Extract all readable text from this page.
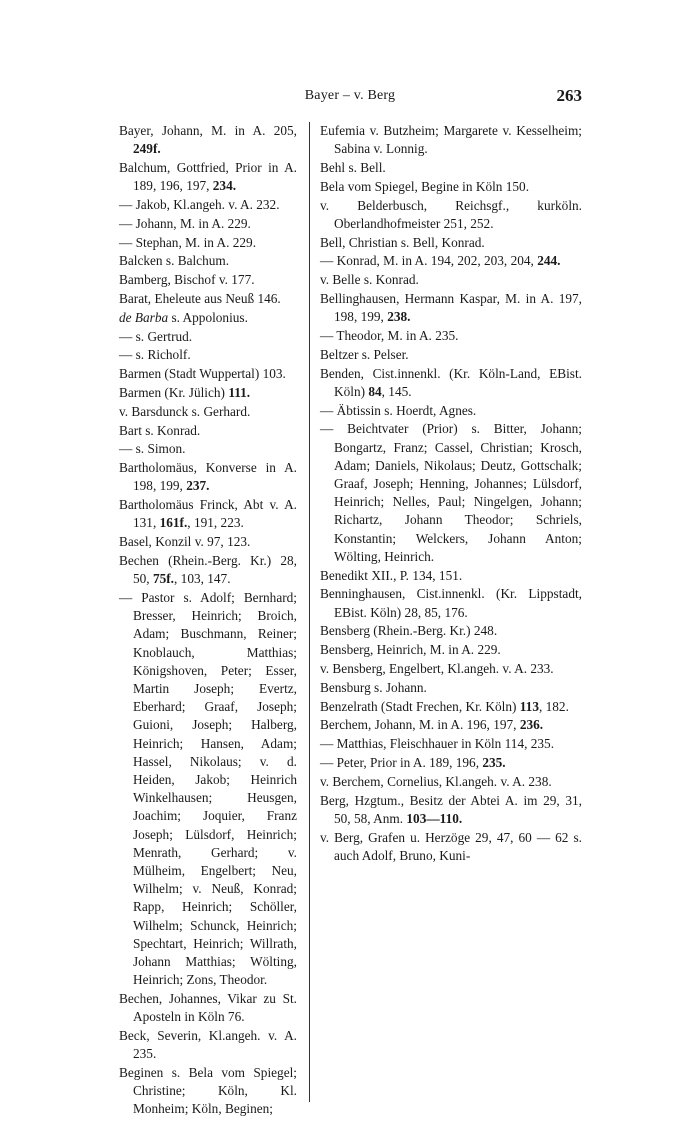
Bayer – v. Berg	263
Bayer, Johann, M. in A. 205, 249f.
Balchum, Gottfried, Prior in A. 189, 196, 197, 234.
— Jakob, Kl.angeh. v. A. 232.
— Johann, M. in A. 229.
— Stephan, M. in A. 229.
Balcken s. Balchum.
Bamberg, Bischof v. 177.
Barat, Eheleute aus Neuß 146.
de Barba s. Appolonius.
— s. Gertrud.
— s. Richolf.
Barmen (Stadt Wuppertal) 103.
Barmen (Kr. Jülich) 111.
v. Barsdunck s. Gerhard.
Bart s. Konrad.
— s. Simon.
Bartholomäus, Konverse in A. 198, 199, 237.
Bartholomäus Frinck, Abt v. A. 131, 161f., 191, 223.
Basel, Konzil v. 97, 123.
Bechen (Rhein.-Berg. Kr.) 28, 50, 75f., 103, 147.
— Pastor s. Adolf; Bernhard; Bresser, Heinrich; Broich, Adam; Buschmann, Reiner; Knoblauch, Matthias; Königshoven, Peter; Esser, Martin Joseph; Evertz, Eberhard; Graaf, Joseph; Guioni, Joseph; Halberg, Heinrich; Hansen, Adam; Hassel, Nikolaus; v. d. Heiden, Jakob; Heinrich Winkelhausen; Heusgen, Joachim; Joquier, Franz Joseph; Lülsdorf, Heinrich; Menrath, Gerhard; v. Mülheim, Engelbert; Neu, Wilhelm; v. Neuß, Konrad; Rapp, Heinrich; Schöller, Wilhelm; Schunck, Heinrich; Spechtart, Heinrich; Willrath, Johann Matthias; Wölting, Heinrich; Zons, Theodor.
Bechen, Johannes, Vikar zu St. Aposteln in Köln 76.
Beck, Severin, Kl.angeh. v. A. 235.
Beginen s. Bela vom Spiegel; Christine; Köln, Kl. Monheim; Köln, Beginen;
Eufemia v. Butzheim; Margarete v. Kesselheim; Sabina v. Lonnig.
Behl s. Bell.
Bela vom Spiegel, Begine in Köln 150.
v. Belderbusch, Reichsgf., kurköln. Oberlandhofmeister 251, 252.
Bell, Christian s. Bell, Konrad.
— Konrad, M. in A. 194, 202, 203, 204, 244.
v. Belle s. Konrad.
Bellinghausen, Hermann Kaspar, M. in A. 197, 198, 199, 238.
— Theodor, M. in A. 235.
Beltzer s. Pelser.
Benden, Cist.innenkl. (Kr. Köln-Land, EBist. Köln) 84, 145.
— Äbtissin s. Hoerdt, Agnes.
— Beichtvater (Prior) s. Bitter, Johann; Bongartz, Franz; Cassel, Christian; Krosch, Adam; Daniels, Nikolaus; Deutz, Gottschalk; Graaf, Joseph; Henning, Johannes; Lülsdorf, Heinrich; Nelles, Paul; Ningelgen, Johann; Richartz, Johann Theodor; Schriels, Konstantin; Welckers, Johann Anton; Wölting, Heinrich.
Benedikt XII., P. 134, 151.
Benninghausen, Cist.innenkl. (Kr. Lippstadt, EBist. Köln) 28, 85, 176.
Bensberg (Rhein.-Berg. Kr.) 248.
Bensberg, Heinrich, M. in A. 229.
v. Bensberg, Engelbert, Kl.angeh. v. A. 233.
Bensburg s. Johann.
Benzelrath (Stadt Frechen, Kr. Köln) 113, 182.
Berchem, Johann, M. in A. 196, 197, 236.
— Matthias, Fleischhauer in Köln 114, 235.
— Peter, Prior in A. 189, 196, 235.
v. Berchem, Cornelius, Kl.angeh. v. A. 238.
Berg, Hzgtum., Besitz der Abtei A. im 29, 31, 50, 58, Anm. 103—110.
v. Berg, Grafen u. Herzöge 29, 47, 60 — 62 s. auch Adolf, Bruno, Kuni-
